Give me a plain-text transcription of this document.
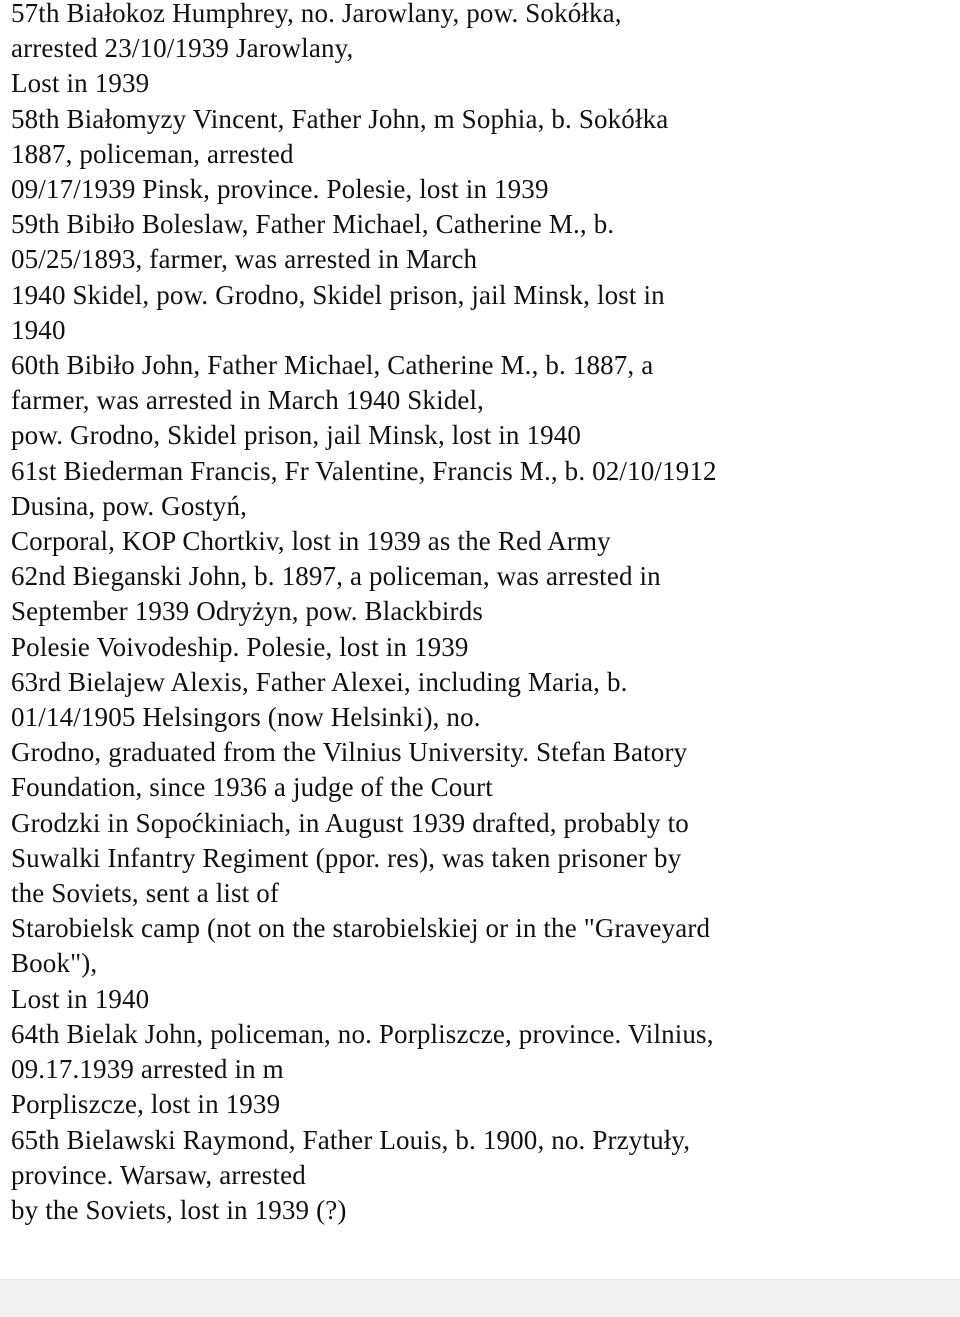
57th Białokoz Humphrey, no. Jarowlany, pow. Sokółka,
arrested 23/10/1939 Jarowlany,
Lost in 1939
58th Białomyzy Vincent, Father John, m Sophia, b. Sokółka
1887, policeman, arrested
09/17/1939 Pinsk, province. Polesie, lost in 1939
59th Bibiło Boleslaw, Father Michael, Catherine M., b.
05/25/1893, farmer, was arrested in March
1940 Skidel, pow. Grodno, Skidel prison, jail Minsk, lost in
1940
60th Bibiło John, Father Michael, Catherine M., b. 1887, a
farmer, was arrested in March 1940 Skidel,
pow. Grodno, Skidel prison, jail Minsk, lost in 1940
61st Biederman Francis, Fr Valentine, Francis M., b. 02/10/1912
Dusina, pow. Gostyń,
Corporal, KOP Chortkiv, lost in 1939 as the Red Army
62nd Bieganski John, b. 1897, a policeman, was arrested in
September 1939 Odryżyn, pow. Blackbirds
Polesie Voivodeship. Polesie, lost in 1939
63rd Bielajew Alexis, Father Alexei, including Maria, b.
01/14/1905 Helsingors (now Helsinki), no.
Grodno, graduated from the Vilnius University. Stefan Batory
Foundation, since 1936 a judge of the Court
Grodzki in Sopoćkiniach, in August 1939 drafted, probably to
Suwalki Infantry Regiment (ppor. res), was taken prisoner by
the Soviets, sent a list of
Starobielsk camp (not on the starobielskiej or in the "Graveyard
Book"),
Lost in 1940
64th Bielak John, policeman, no. Porpliszcze, province. Vilnius,
09.17.1939 arrested in m
Porpliszcze, lost in 1939
65th Bielawski Raymond, Father Louis, b. 1900, no. Przytuły,
province. Warsaw, arrested
by the Soviets, lost in 1939 (?)
